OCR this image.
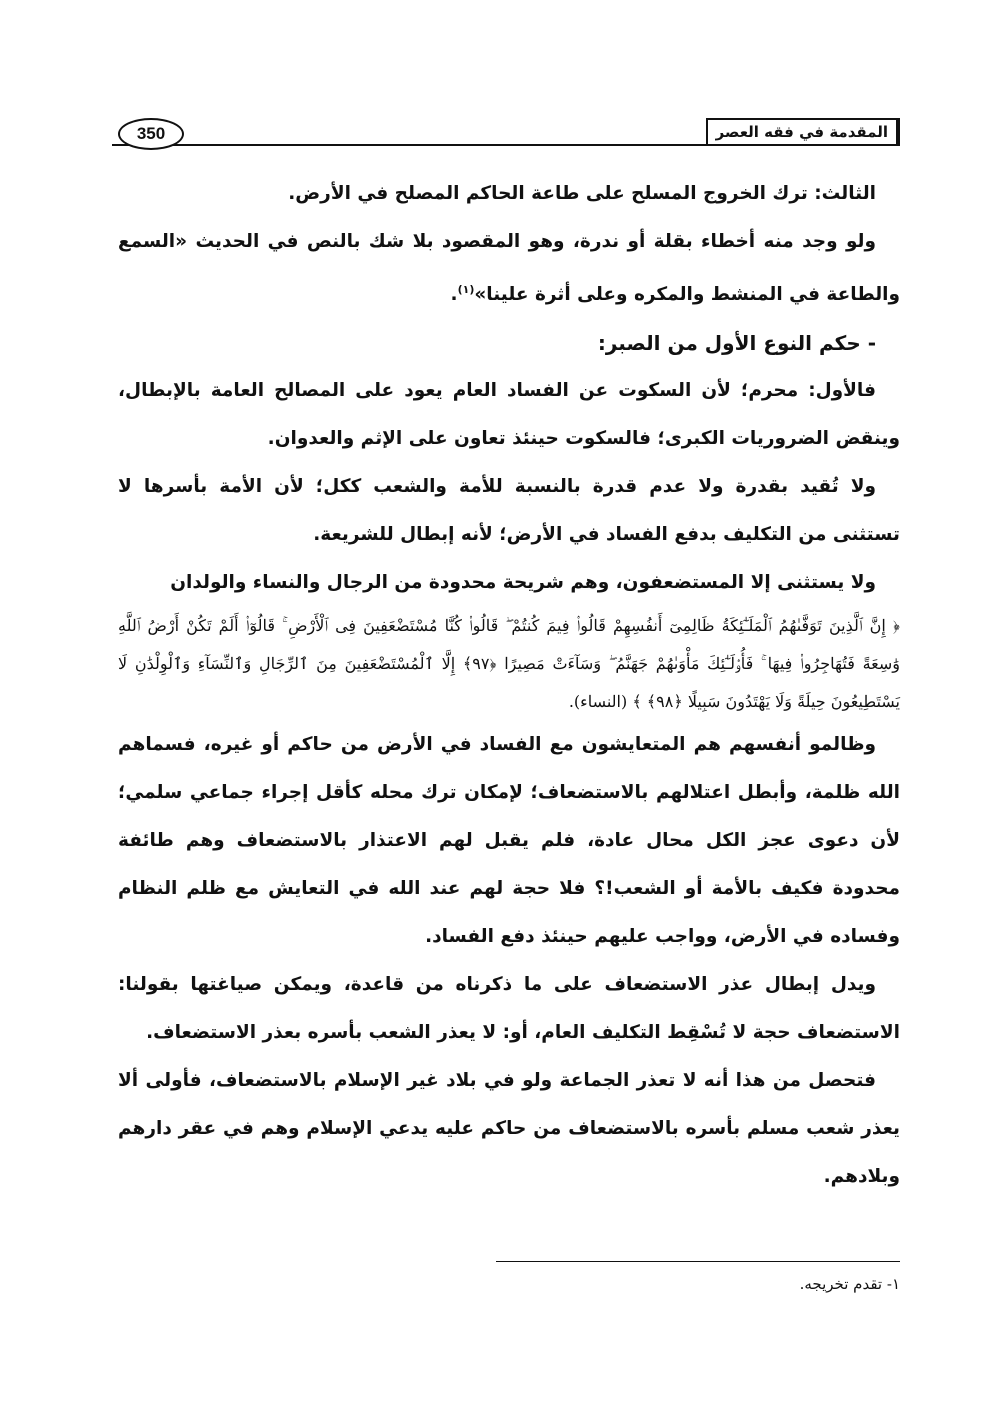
المقدمة في فقه العصر
350

الثالث: ترك الخروج المسلح على طاعة الحاكم المصلح في الأرض.

ولو وجد منه أخطاء بقلة أو ندرة، وهو المقصود بلا شك بالنص في الحديث «السمع والطاعة في المنشط والمكره وعلى أثرة علينا»$^{(١)}$.

- حكم النوع الأول من الصبر:

فالأول: محرم؛ لأن السكوت عن الفساد العام يعود على المصالح العامة بالإبطال، وينقض الضروريات الكبرى؛ فالسكوت حينئذ تعاون على الإثم والعدوان.

ولا تُقيد بقدرة ولا عدم قدرة بالنسبة للأمة والشعب ككل؛ لأن الأمة بأسرها لا تستثنى من التكليف بدفع الفساد في الأرض؛ لأنه إبطال للشريعة.

ولا يستثنى إلا المستضعفون، وهم شريحة محدودة من الرجال والنساء والولدان

﴿ إِنَّ ٱلَّذِينَ تَوَفَّىٰهُمُ ٱلْمَلَـٰٓئِكَةُ ظَالِمِىٓ أَنفُسِهِمْ قَالُوا۟ فِيمَ كُنتُمْ ۖ قَالُوا۟ كُنَّا مُسْتَضْعَفِينَ فِى ٱلْأَرْضِ ۚ قَالُوٓا۟ أَلَمْ تَكُنْ أَرْضُ ٱللَّهِ وَٰسِعَةً فَتُهَاجِرُوا۟ فِيهَا ۚ فَأُو۟لَـٰٓئِكَ مَأْوَىٰهُمْ جَهَنَّمُ ۖ وَسَآءَتْ مَصِيرًا ﴿٩٧﴾ إِلَّا ٱلْمُسْتَضْعَفِينَ مِنَ ٱلرِّجَالِ وَٱلنِّسَآءِ وَٱلْوِلْدَٰنِ لَا يَسْتَطِيعُونَ حِيلَةً وَلَا يَهْتَدُونَ سَبِيلًا ﴿٩٨﴾ ﴾ (النساء).

وظالمو أنفسهم هم المتعايشون مع الفساد في الأرض من حاكم أو غيره، فسماهم الله ظلمة، وأبطل اعتلالهم بالاستضعاف؛ لإمكان ترك محله كأقل إجراء جماعي سلمي؛ لأن دعوى عجز الكل محال عادة، فلم يقبل لهم الاعتذار بالاستضعاف وهم طائفة محدودة فكيف بالأمة أو الشعب!؟ فلا حجة لهم عند الله في التعايش مع ظلم النظام وفساده في الأرض، وواجب عليهم حينئذ دفع الفساد.

ويدل إبطال عذر الاستضعاف على ما ذكرناه من قاعدة، ويمكن صياغتها بقولنا: الاستضعاف حجة لا تُسْقِط التكليف العام، أو: لا يعذر الشعب بأسره بعذر الاستضعاف.

فتحصل من هذا أنه لا تعذر الجماعة ولو في بلاد غير الإسلام بالاستضعاف، فأولى ألا يعذر شعب مسلم بأسره بالاستضعاف من حاكم عليه يدعي الإسلام وهم في عقر دارهم وبلادهم.

١- تقدم تخريجه.
